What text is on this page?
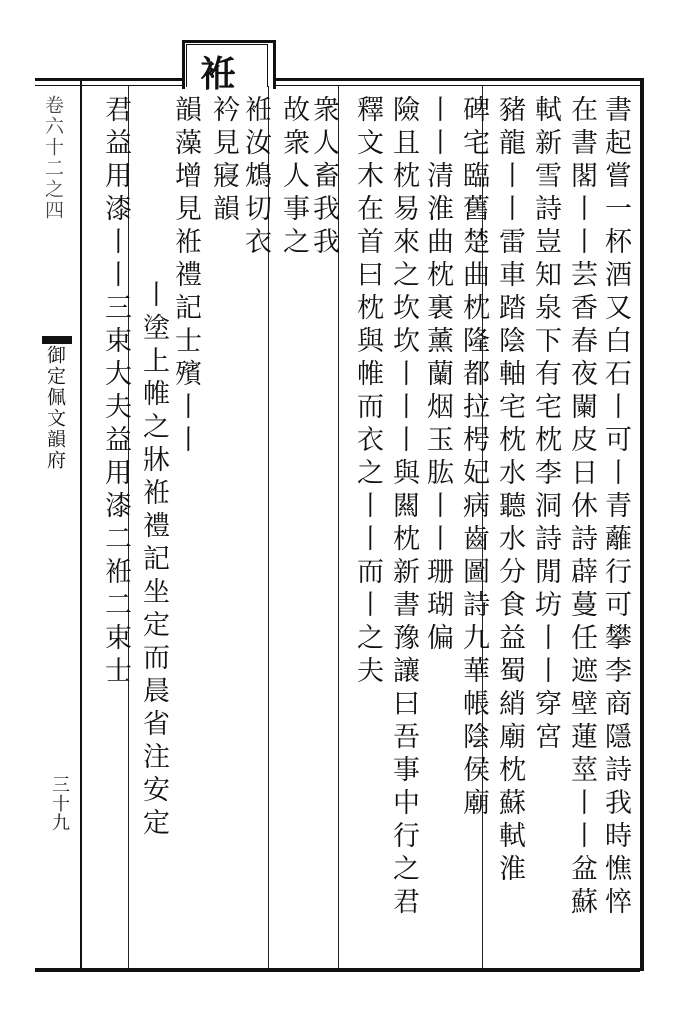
袵
卷六十二之四
御定佩文韻府
三十九	書起嘗一杯酒又白石丨可丨青蘺行可攀李商隱詩我時憔悴
在書閣丨丨芸香春夜闌皮日休詩薜蔓任遮壁蓮莖丨丨盆蘇
軾新雪詩豈知泉下有宅枕李洞詩閒坊丨丨穿宮
豬龍丨丨雷車踏陰軸宅枕水聽水分食益蜀綃廟枕蘇軾淮
碑宅臨舊楚曲枕隆都拉枵妃病齒圖詩九華帳陰侯廟
丨丨清淮曲枕裏薰蘭烟玉肱丨丨珊瑚偏
險且枕易來之坎坎丨丨丨與闗枕新書豫讓曰吾事中行之君
釋文木在首曰枕與帷而衣之丨丨而丨之夫
衆人畜我我
故衆人事之
袵汝鴆切衣
衿見寢韻
韻藻增見袵禮記士殯丨丨
丨塗上帷之牀袵禮記坐定而晨省注安定
君益用漆丨丨三束大夫益用漆二袵二束士
